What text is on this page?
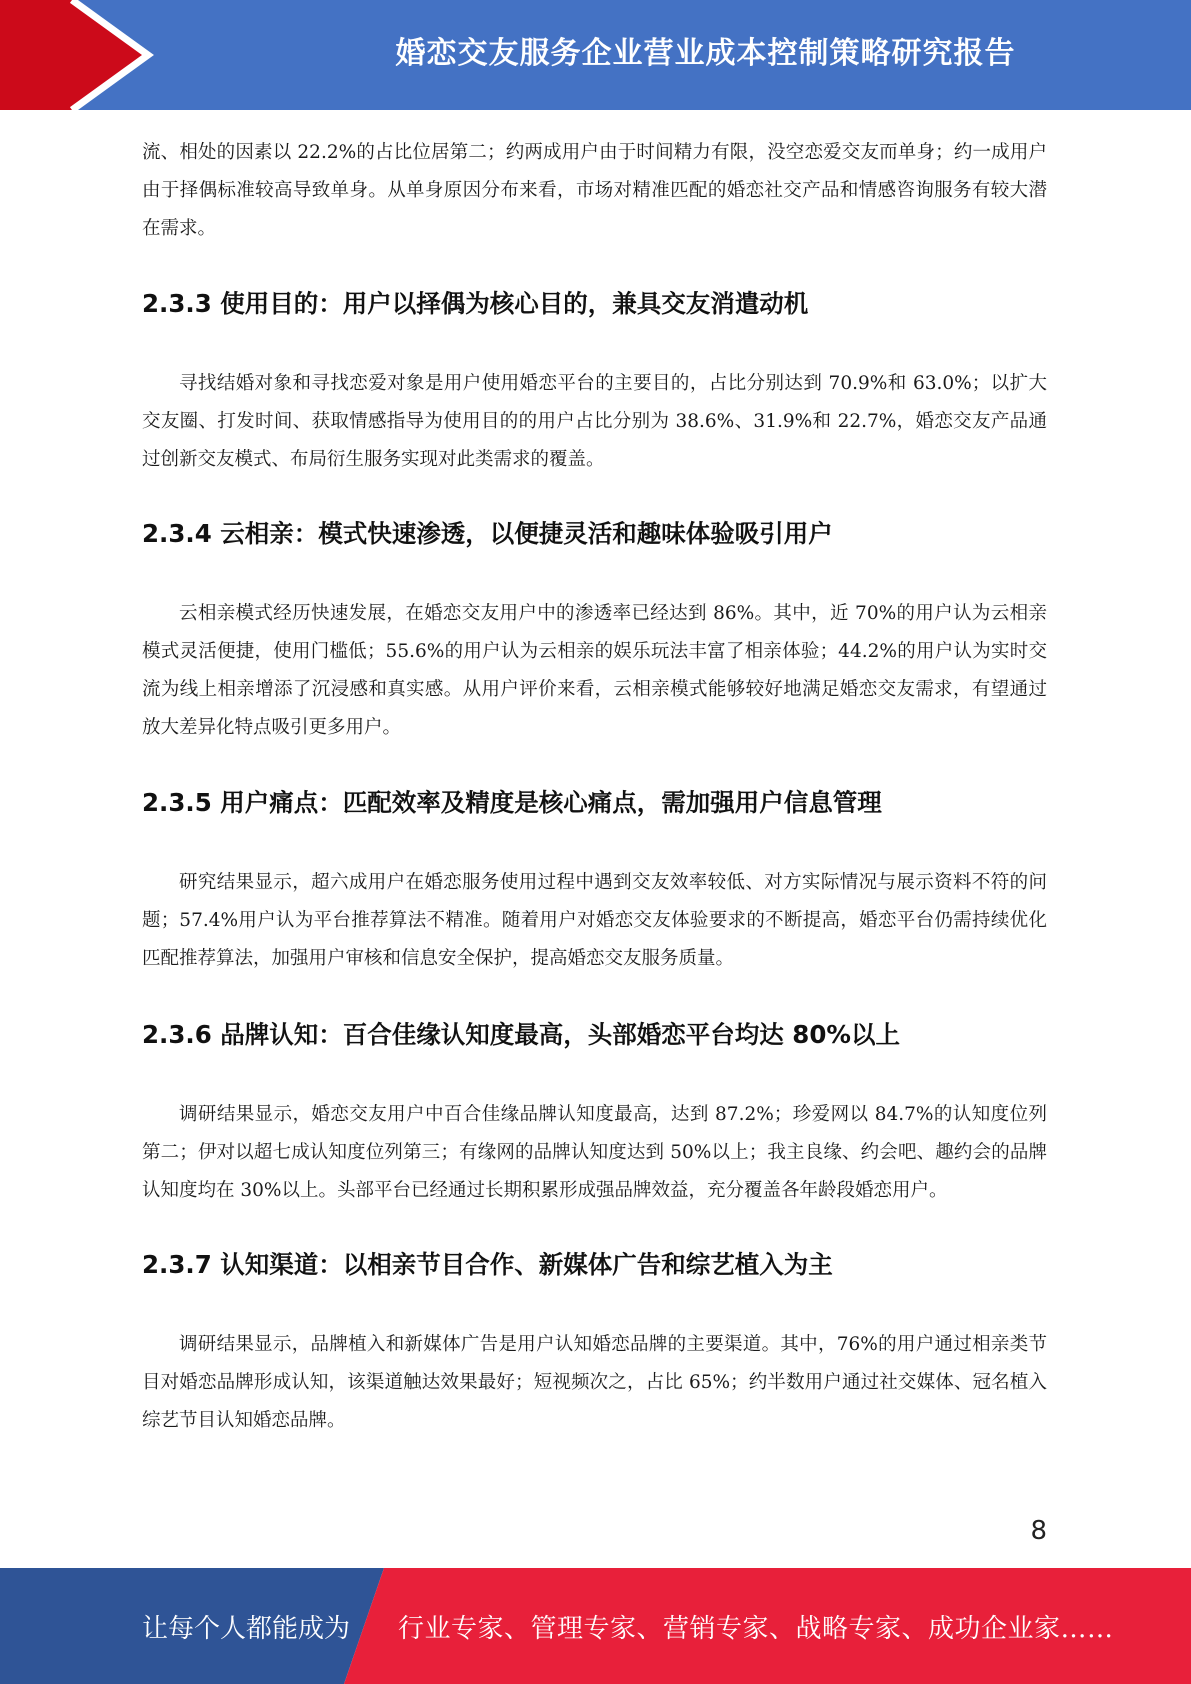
婚恋交友服务企业营业成本控制策略研究报告

流、相处的因素以 22.2%的占比位居第二；约两成用户由于时间精力有限，没空恋爱交友而单身；约一成用户由于择偶标准较高导致单身。从单身原因分布来看，市场对精准匹配的婚恋社交产品和情感咨询服务有较大潜在需求。

2.3.3 使用目的：用户以择偶为核心目的，兼具交友消遣动机

寻找结婚对象和寻找恋爱对象是用户使用婚恋平台的主要目的，占比分别达到 70.9%和 63.0%；以扩大交友圈、打发时间、获取情感指导为使用目的的用户占比分别为 38.6%、31.9%和 22.7%，婚恋交友产品通过创新交友模式、布局衍生服务实现对此类需求的覆盖。

2.3.4 云相亲：模式快速渗透，以便捷灵活和趣味体验吸引用户

云相亲模式经历快速发展，在婚恋交友用户中的渗透率已经达到 86%。其中，近 70%的用户认为云相亲模式灵活便捷，使用门槛低；55.6%的用户认为云相亲的娱乐玩法丰富了相亲体验；44.2%的用户认为实时交流为线上相亲增添了沉浸感和真实感。从用户评价来看，云相亲模式能够较好地满足婚恋交友需求，有望通过放大差异化特点吸引更多用户。

2.3.5 用户痛点：匹配效率及精度是核心痛点，需加强用户信息管理

研究结果显示，超六成用户在婚恋服务使用过程中遇到交友效率较低、对方实际情况与展示资料不符的问题；57.4%用户认为平台推荐算法不精准。随着用户对婚恋交友体验要求的不断提高，婚恋平台仍需持续优化匹配推荐算法，加强用户审核和信息安全保护，提高婚恋交友服务质量。

2.3.6 品牌认知：百合佳缘认知度最高，头部婚恋平台均达 80%以上

调研结果显示，婚恋交友用户中百合佳缘品牌认知度最高，达到 87.2%；珍爱网以 84.7%的认知度位列第二；伊对以超七成认知度位列第三；有缘网的品牌认知度达到 50%以上；我主良缘、约会吧、趣约会的品牌认知度均在 30%以上。头部平台已经通过长期积累形成强品牌效益，充分覆盖各年龄段婚恋用户。

2.3.7 认知渠道：以相亲节目合作、新媒体广告和综艺植入为主

调研结果显示，品牌植入和新媒体广告是用户认知婚恋品牌的主要渠道。其中，76%的用户通过相亲类节目对婚恋品牌形成认知，该渠道触达效果最好；短视频次之，占比 65%；约半数用户通过社交媒体、冠名植入综艺节目认知婚恋品牌。

8
让每个人都能成为 行业专家、管理专家、营销专家、战略专家、成功企业家……
